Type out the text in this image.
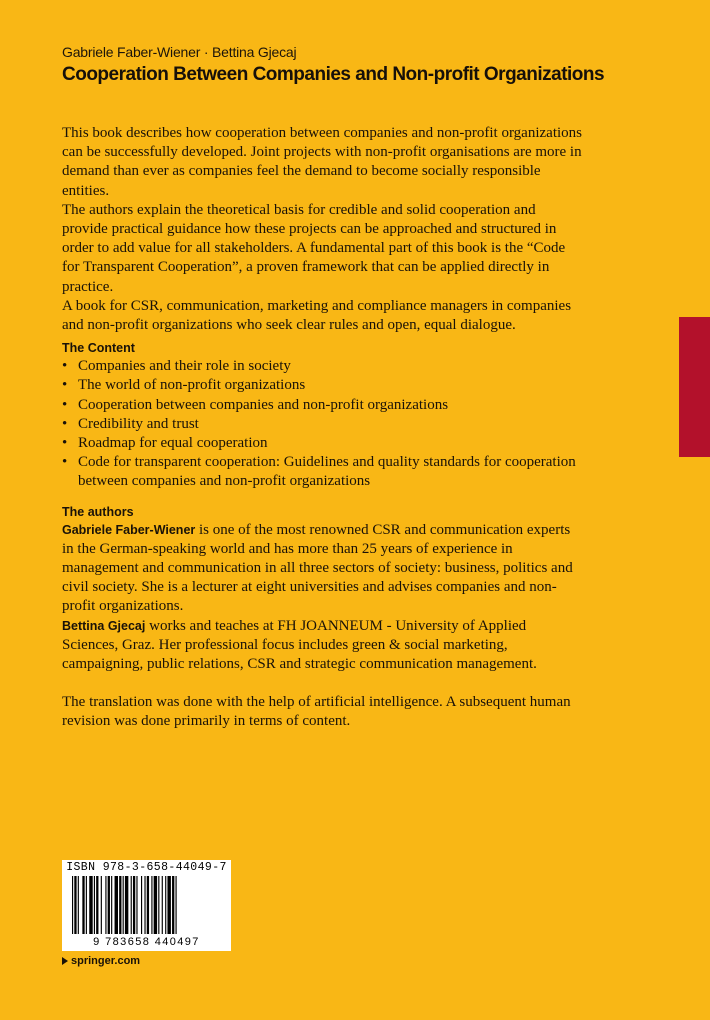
Gabriele Faber-Wiener · Bettina Gjecaj
Cooperation Between Companies and Non-profit Organizations

This book describes how cooperation between companies and non-profit organizations can be successfully developed. Joint projects with non-profit organisations are more in demand than ever as companies feel the demand to become socially responsible entities.

The authors explain the theoretical basis for credible and solid cooperation and provide practical guidance how these projects can be approached and structured in order to add value for all stakeholders. A fundamental part of this book is the “Code for Transparent Cooperation”, a proven framework that can be applied directly in practice.

A book for CSR, communication, marketing and compliance managers in companies and non-profit organizations who seek clear rules and open, equal dialogue.

The Content
• Companies and their role in society
• The world of non-profit organizations
• Cooperation between companies and non-profit organizations
• Credibility and trust
• Roadmap for equal cooperation
• Code for transparent cooperation: Guidelines and quality standards for cooperation between companies and non-profit organizations
The authors

Gabriele Faber-Wiener is one of the most renowned CSR and communication experts in the German-speaking world and has more than 25 years of experience in management and communication in all three sectors of society: business, politics and civil society. She is a lecturer at eight universities and advises companies and non-profit organizations.

Bettina Gjecaj works and teaches at FH JOANNEUM - University of Applied Sciences, Graz. Her professional focus includes green & social marketing, campaigning, public relations, CSR and strategic communication management.

The translation was done with the help of artificial intelligence. A subsequent human revision was done primarily in terms of content.

ISBN 978-3-658-44049-7
9 783658 440497
springer.com
